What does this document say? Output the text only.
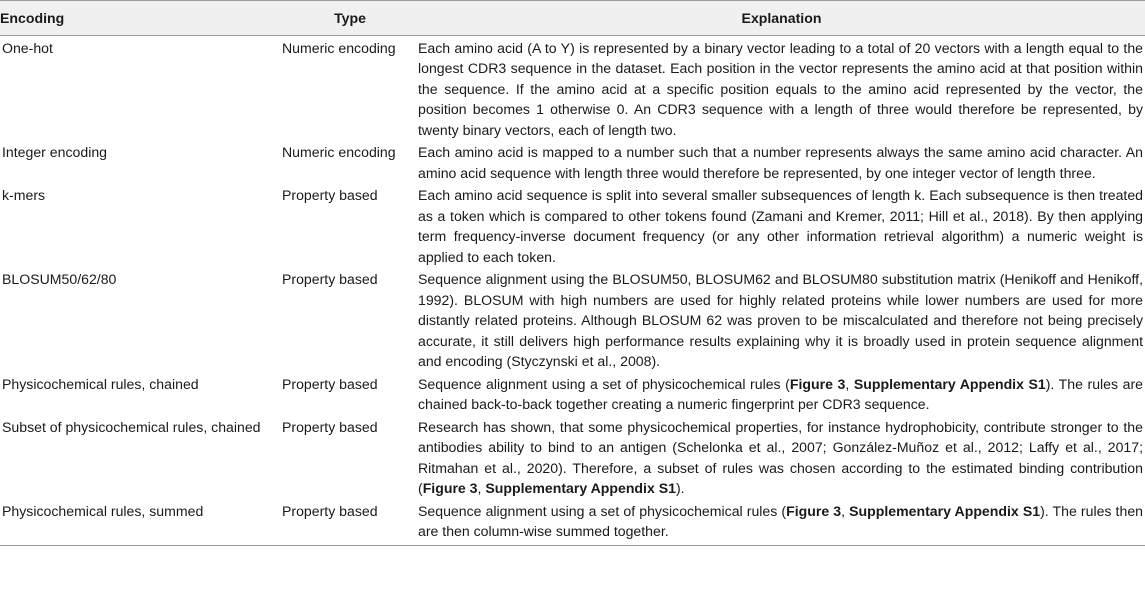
Encoding	Type	Explanation
One-hot	Numeric encoding	Each amino acid (A to Y) is represented by a binary vector leading to a total of 20 vectors with a length equal to the longest CDR3 sequence in the dataset. Each position in the vector represents the amino acid at that position within the sequence. If the amino acid at a specific position equals to the amino acid represented by the vector, the position becomes 1 otherwise 0. An CDR3 sequence with a length of three would therefore be represented, by twenty binary vectors, each of length two.
Integer encoding	Numeric encoding	Each amino acid is mapped to a number such that a number represents always the same amino acid character. An amino acid sequence with length three would therefore be represented, by one integer vector of length three.
k-mers	Property based	Each amino acid sequence is split into several smaller subsequences of length k. Each subsequence is then treated as a token which is compared to other tokens found (Zamani and Kremer, 2011; Hill et al., 2018). By then applying term frequency-inverse document frequency (or any other information retrieval algorithm) a numeric weight is applied to each token.
BLOSUM50/62/80	Property based	Sequence alignment using the BLOSUM50, BLOSUM62 and BLOSUM80 substitution matrix (Henikoff and Henikoff, 1992). BLOSUM with high numbers are used for highly related proteins while lower numbers are used for more distantly related proteins. Although BLOSUM 62 was proven to be miscalculated and therefore not being precisely accurate, it still delivers high performance results explaining why it is broadly used in protein sequence alignment and encoding (Styczynski et al., 2008).
Physicochemical rules, chained	Property based	Sequence alignment using a set of physicochemical rules (Figure 3, Supplementary Appendix S1). The rules are chained back-to-back together creating a numeric fingerprint per CDR3 sequence.
Subset of physicochemical rules, chained	Property based	Research has shown, that some physicochemical properties, for instance hydrophobicity, contribute stronger to the antibodies ability to bind to an antigen (Schelonka et al., 2007; González-Muñoz et al., 2012; Laffy et al., 2017; Ritmahan et al., 2020). Therefore, a subset of rules was chosen according to the estimated binding contribution (Figure 3, Supplementary Appendix S1).
Physicochemical rules, summed	Property based	Sequence alignment using a set of physicochemical rules (Figure 3, Supplementary Appendix S1). The rules then are then column-wise summed together.
